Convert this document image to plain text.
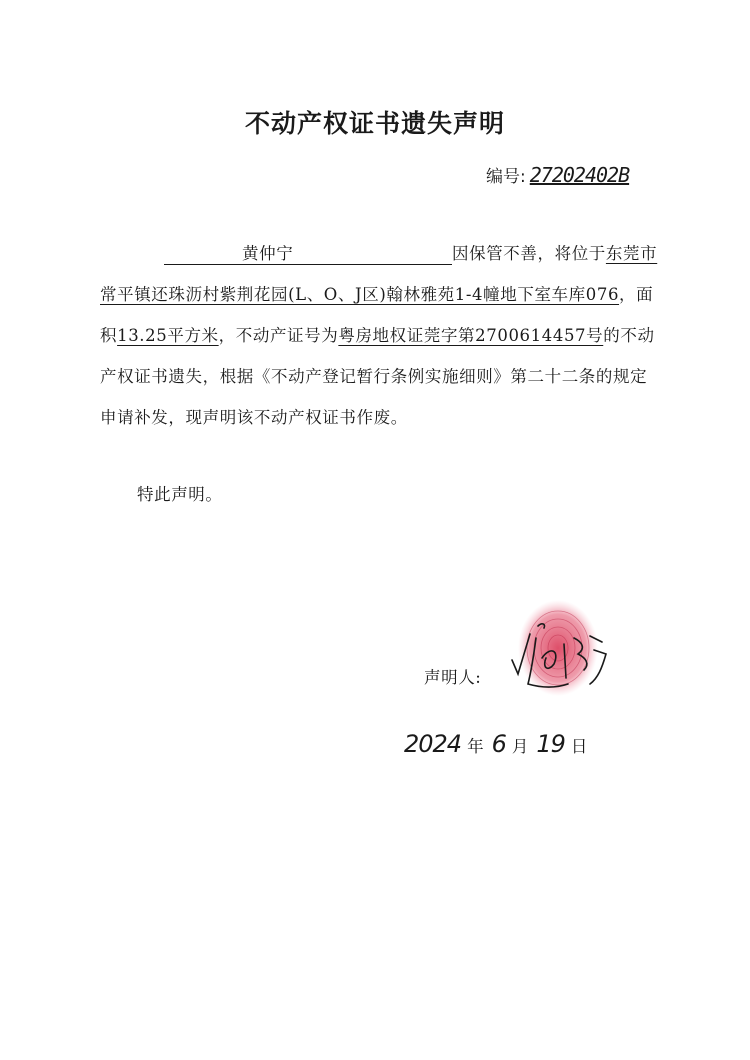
不动产权证书遗失声明
编号: 27202402B
黄仲宁	因保管不善，将位于东莞市常平镇还珠沥村紫荆花园(L、O、J区)翰林雅苑1-4幢地下室车库076，面积13.25平方米，不动产证号为粤房地权证莞字第2700614457号的不动产权证书遗失，根据《不动产登记暂行条例实施细则》第二十二条的规定申请补发，现声明该不动产权证书作废。
特此声明。
声明人:
2024 年 6 月 19 日
